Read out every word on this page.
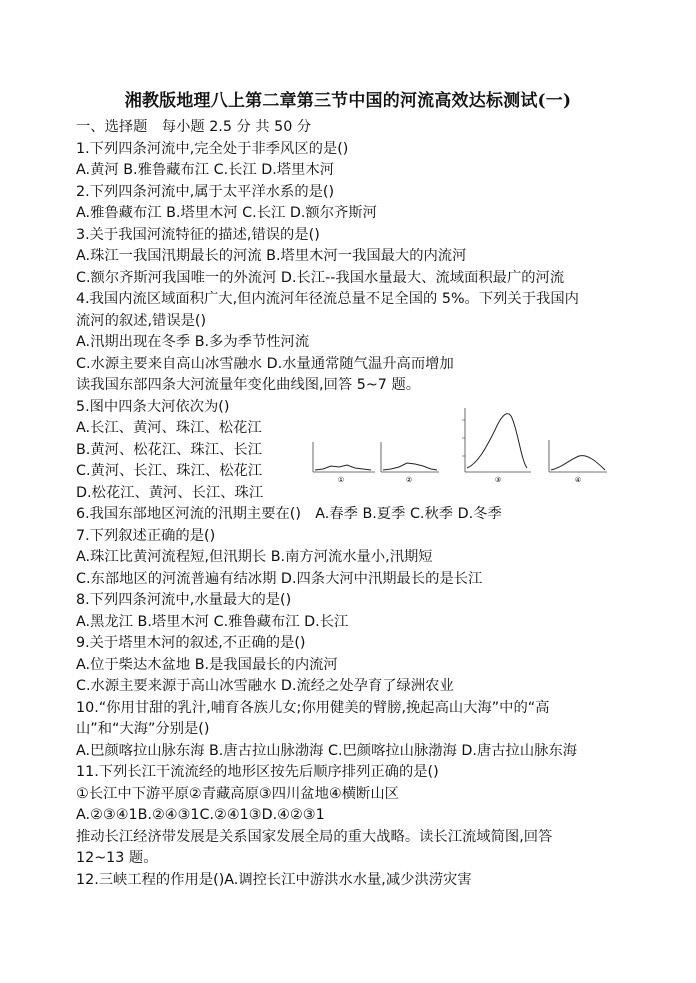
湘教版地理八上第二章第三节中国的河流高效达标测试(一)
一、选择题　每小题 2.5 分 共 50 分
1.下列四条河流中,完全处于非季风区的是()
A.黄河 B.雅鲁藏布江 C.长江 D.塔里木河
2.下列四条河流中,属于太平洋水系的是()
A.雅鲁藏布江 B.塔里木河 C.长江 D.额尔齐斯河
3.关于我国河流特征的描述,错误的是()
A.珠江一我国汛期最长的河流 B.塔里木河一我国最大的内流河
C.额尔齐斯河我国唯一的外流河 D.长江--我国水量最大、流域面积最广的河流
4.我国内流区域面积广大,但内流河年径流总量不足全国的 5%。下列关于我国内
流河的叙述,错误是()
A.汛期出现在冬季 B.多为季节性河流
C.水源主要来自高山冰雪融水 D.水量通常随气温升高而增加
读我国东部四条大河流量年变化曲线图,回答 5~7 题。
5.图中四条大河依次为()
A.长江、黄河、珠江、松花江
B.黄河、松花江、珠江、长江
C.黄河、长江、珠江、松花江
D.松花江、黄河、长江、珠江
6.我国东部地区河流的汛期主要在()　A.春季 B.夏季 C.秋季 D.冬季
7.下列叙述正确的是()
A.珠江比黄河流程短,但汛期长 B.南方河流水量小,汛期短
C.东部地区的河流普遍有结冰期 D.四条大河中汛期最长的是长江
8.下列四条河流中,水量最大的是()
A.黑龙江 B.塔里木河 C.雅鲁藏布江 D.长江
9.关于塔里木河的叙述,不正确的是()
A.位于柴达木盆地 B.是我国最长的内流河
C.水源主要来源于高山冰雪融水 D.流经之处孕育了绿洲农业
10.“你用甘甜的乳汁,哺育各族儿女;你用健美的臂膀,挽起高山大海”中的“高
山”和“大海”分别是()
A.巴颜喀拉山脉东海 B.唐古拉山脉渤海 C.巴颜喀拉山脉渤海 D.唐古拉山脉东海
11.下列长江干流流经的地形区按先后顺序排列正确的是()
①长江中下游平原②青藏高原③四川盆地④横断山区
A.②③④1B.②④③1C.②④1③D.④②③1
推动长江经济带发展是关系国家发展全局的重大战略。读长江流域简图,回答
12~13 题。
12.三峡工程的作用是()A.调控长江中游洪水水量,减少洪涝灾害
①	②	③	④
